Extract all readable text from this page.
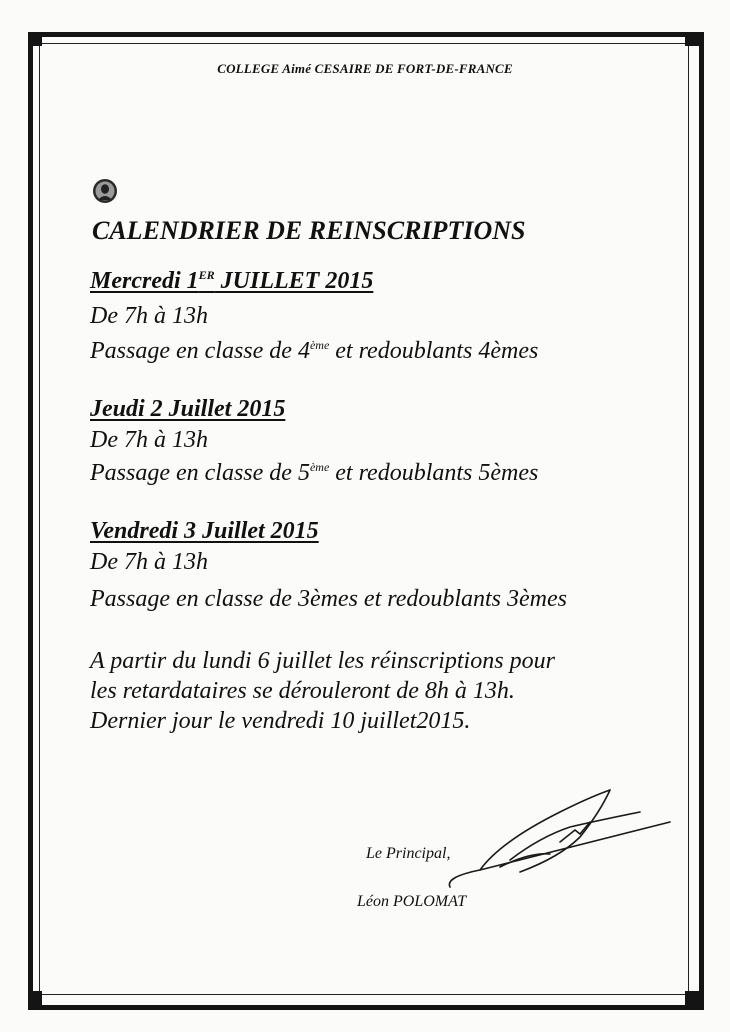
COLLEGE Aimé CESAIRE DE FORT-DE-FRANCE
CALENDRIER DE REINSCRIPTIONS
Mercredi 1ER JUILLET 2015
De 7h à 13h
Passage en classe de 4ème et redoublants 4èmes
Jeudi 2 Juillet 2015
De 7h à 13h
Passage en classe de 5ème et redoublants 5èmes
Vendredi 3 Juillet 2015
De 7h à 13h
Passage en classe de 3èmes et redoublants 3èmes
A partir du lundi 6 juillet les réinscriptions pour
les retardataires se dérouleront de 8h à 13h.
Dernier jour le vendredi 10 juillet2015.
Le Principal,
Léon POLOMAT
